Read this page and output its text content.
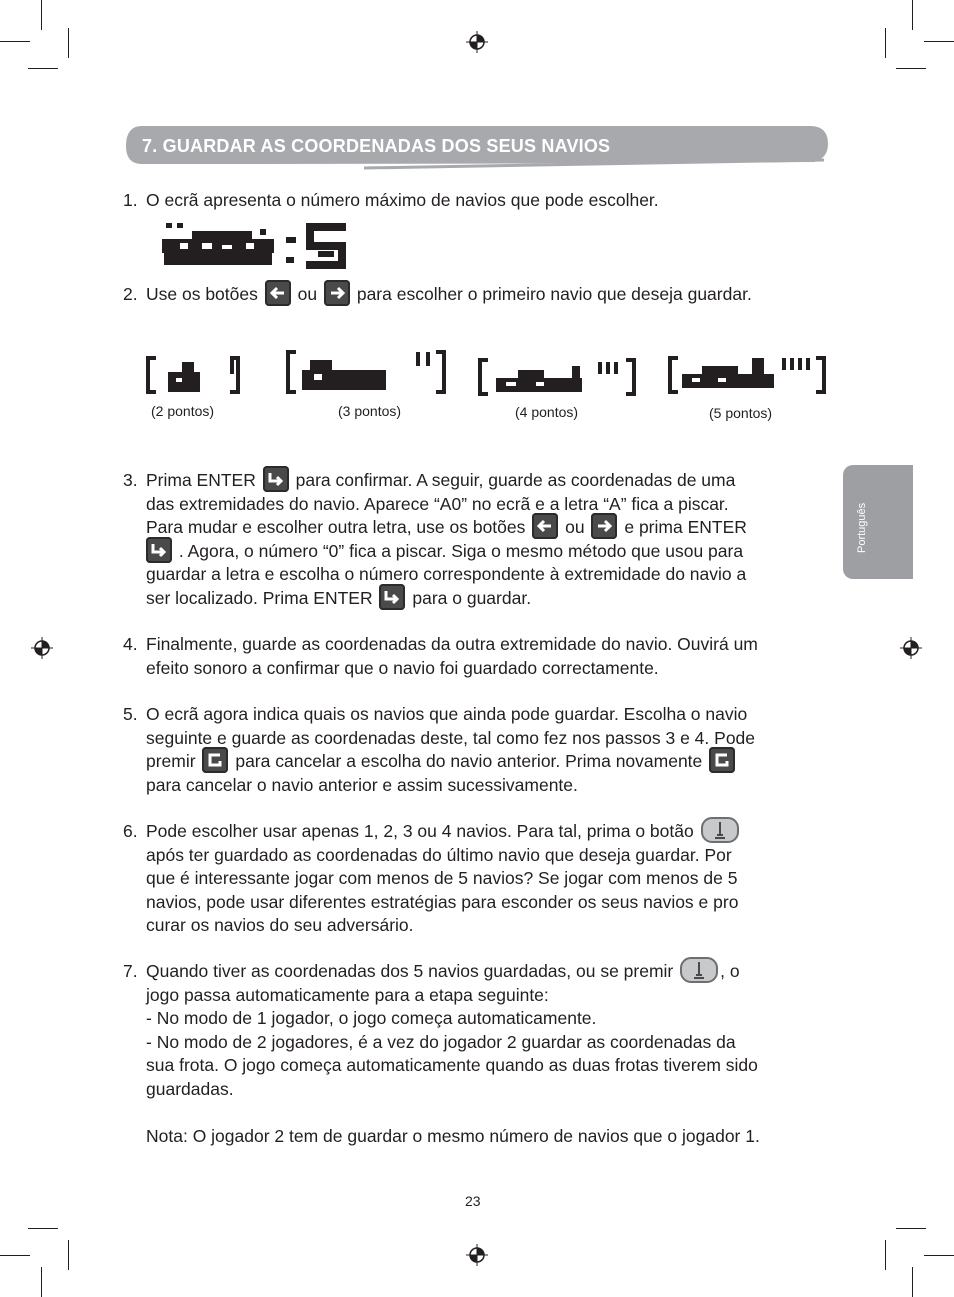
7. GUARDAR AS COORDENADAS DOS SEUS NAVIOS
Português
1. O ecrã apresenta o número máximo de navios que pode escolher.
2. Use os botões ou para escolher o primeiro navio que deseja guardar.
(2 pontos)	(3 pontos)	(4 pontos)	(5 pontos)
3. Prima ENTER para confirmar. A seguir, guarde as coordenadas de uma
das extremidades do navio. Aparece “A0” no ecrã e a letra “A” fica a piscar.
Para mudar e escolher outra letra, use os botões ou e prima ENTER
. Agora, o número “0” fica a piscar. Siga o mesmo método que usou para
guardar a letra e escolha o número correspondente à extremidade do navio a
ser localizado. Prima ENTER para o guardar.
4. Finalmente, guarde as coordenadas da outra extremidade do navio. Ouvirá um
efeito sonoro a confirmar que o navio foi guardado correctamente.
5. O ecrã agora indica quais os navios que ainda pode guardar. Escolha o navio
seguinte e guarde as coordenadas deste, tal como fez nos passos 3 e 4. Pode
premir para cancelar a escolha do navio anterior. Prima novamente
para cancelar o navio anterior e assim sucessivamente.
6. Pode escolher usar apenas 1, 2, 3 ou 4 navios. Para tal, prima o botão
após ter guardado as coordenadas do último navio que deseja guardar. Por
que é interessante jogar com menos de 5 navios? Se jogar com menos de 5
navios, pode usar diferentes estratégias para esconder os seus navios e pro
curar os navios do seu adversário.
7. Quando tiver as coordenadas dos 5 navios guardadas, ou se premir	, o
jogo passa automaticamente para a etapa seguinte:
- No modo de 1 jogador, o jogo começa automaticamente.
- No modo de 2 jogadores, é a vez do jogador 2 guardar as coordenadas da
sua frota. O jogo começa automaticamente quando as duas frotas tiverem sido
guardadas.
Nota: O jogador 2 tem de guardar o mesmo número de navios que o jogador 1.
23
